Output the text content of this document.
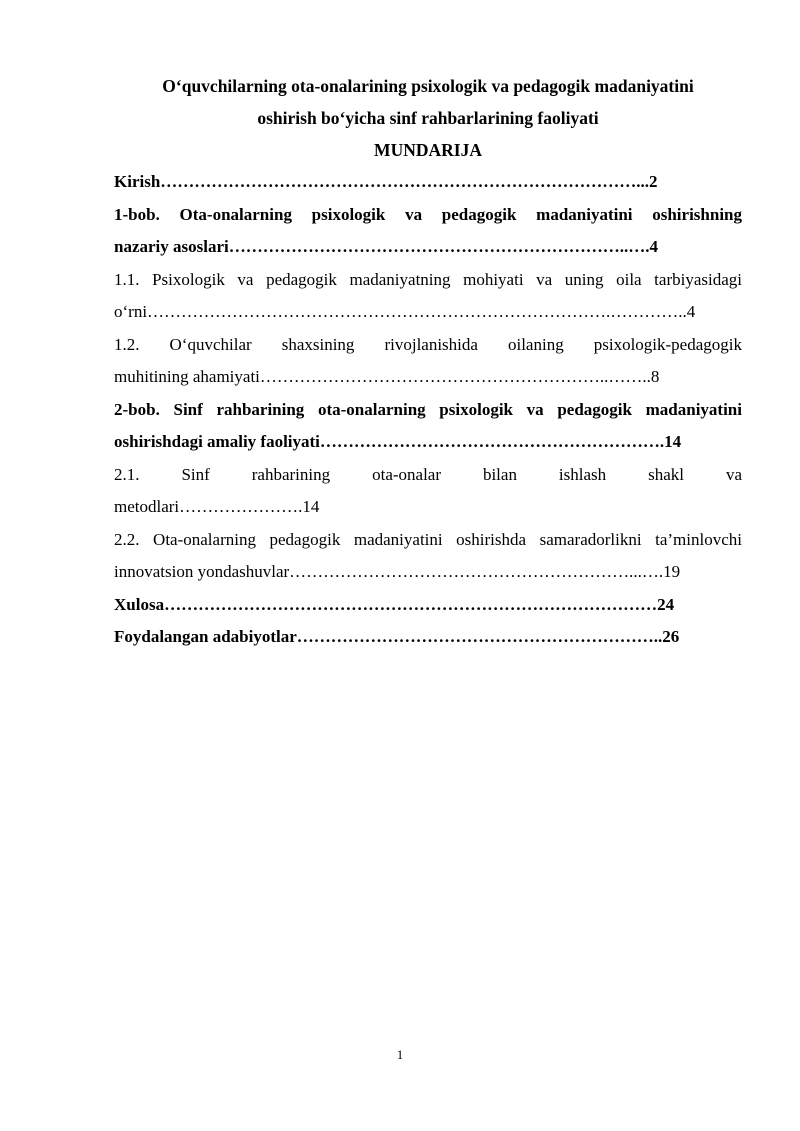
O‘quvchilarning ota-onalarining psixologik va pedagogik madaniyatini
oshirish bo‘yicha sinf rahbarlarining faoliyati

MUNDARIJA

Kirish…………………………………………………………………………...2

1-bob. Ota-onalarning psixologik va pedagogik madaniyatini oshirishning
nazariy asoslari……………………………………………………………..….4

1.1. Psixologik va pedagogik madaniyatning mohiyati va uning oila tarbiyasidagi
o‘rni……………………………………………………………………….…………..4

1.2. O‘quvchilar shaxsining rivojlanishida oilaning psixologik-pedagogik
muhitining ahamiyati……………………………………………………..……..8

2-bob. Sinf rahbarining ota-onalarning psixologik va pedagogik madaniyatini
oshirishdagi amaliy faoliyati…………………………………………………….14

2.1. Sinf rahbarining ota-onalar bilan ishlash shakl va
metodlari………………….14

2.2. Ota-onalarning pedagogik madaniyatini oshirishda samaradorlikni ta’minlovchi
innovatsion yondashuvlar……………………………………………………...….19

Xulosa……………………………………………………………………………24

Foydalangan adabiyotlar………………………………………………………..26

1
